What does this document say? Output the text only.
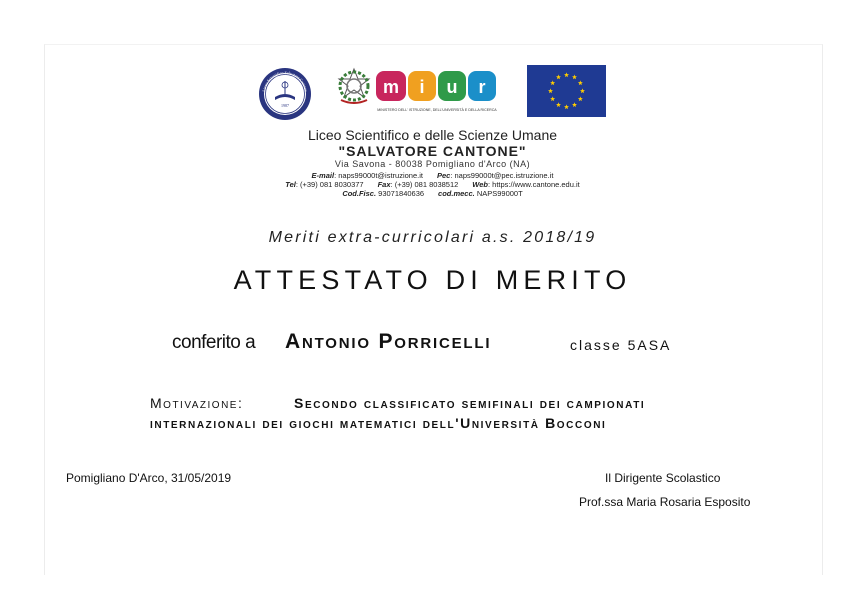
Liceo Scientifico Salvatore Cantone
1987
m i u r
MINISTERO DELL' ISTRUZIONE, DELL'UNIVERSITÀ E DELLA RICERCA
Liceo Scientifico e delle Scienze Umane
"SALVATORE CANTONE"
Via Savona - 80038 Pomigliano d'Arco (NA)
E-mail: naps99000t@istruzione.it Pec: naps99000t@pec.istruzione.it
Tel: (+39) 081 8030377 Fax: (+39) 081 8038512 Web: https://www.cantone.edu.it
Cod.Fisc. 93071840636 cod.mecc. NAPS99000T
Meriti extra-curricolari a.s. 2018/19
ATTESTATO DI MERITO
conferito a Antonio Porricelli	classe 5ASA
Motivazione:	Secondo classificato semifinali dei campionati
internazionali dei giochi matematici dell'Università Bocconi
Pomigliano D'Arco, 31/05/2019	Il Dirigente Scolastico
Prof.ssa Maria Rosaria Esposito
